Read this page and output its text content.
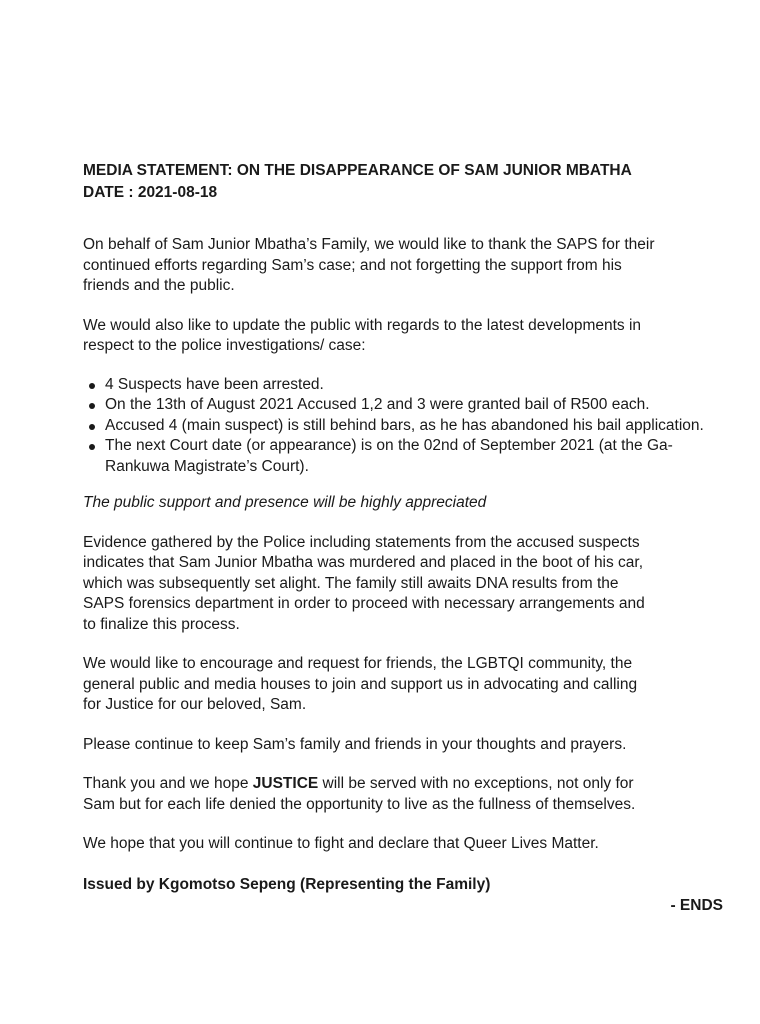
MEDIA STATEMENT: ON THE DISAPPEARANCE OF SAM JUNIOR MBATHA

DATE : 2021-08-18

On behalf of Sam Junior Mbatha’s Family, we would like to thank the SAPS for their

continued efforts regarding Sam’s case; and not forgetting the support from his

friends and the public.

We would also like to update the public with regards to the latest developments in

respect to the police investigations/ case:

4 Suspects have been arrested.
On the 13th of August 2021 Accused 1,2 and 3 were granted bail of R500 each.
Accused 4 (main suspect) is still behind bars, as he has abandoned his bail application.
The next Court date (or appearance) is on the 02nd of September 2021 (at the Ga-Rankuwa Magistrate’s Court).

The public support and presence will be highly appreciated

Evidence gathered by the Police including statements from the accused suspects

indicates that Sam Junior Mbatha was murdered and placed in the boot of his car,

which was subsequently set alight. The family still awaits DNA results from the

SAPS forensics department in order to proceed with necessary arrangements and

to finalize this process.

We would like to encourage and request for friends, the LGBTQI community, the

general public and media houses to join and support us in advocating and calling

for Justice for our beloved, Sam.

Please continue to keep Sam’s family and friends in your thoughts and prayers.

Thank you and we hope JUSTICE will be served with no exceptions, not only for

Sam but for each life denied the opportunity to live as the fullness of themselves.

We hope that you will continue to fight and declare that Queer Lives Matter.

Issued by Kgomotso Sepeng (Representing the Family)

- ENDS
